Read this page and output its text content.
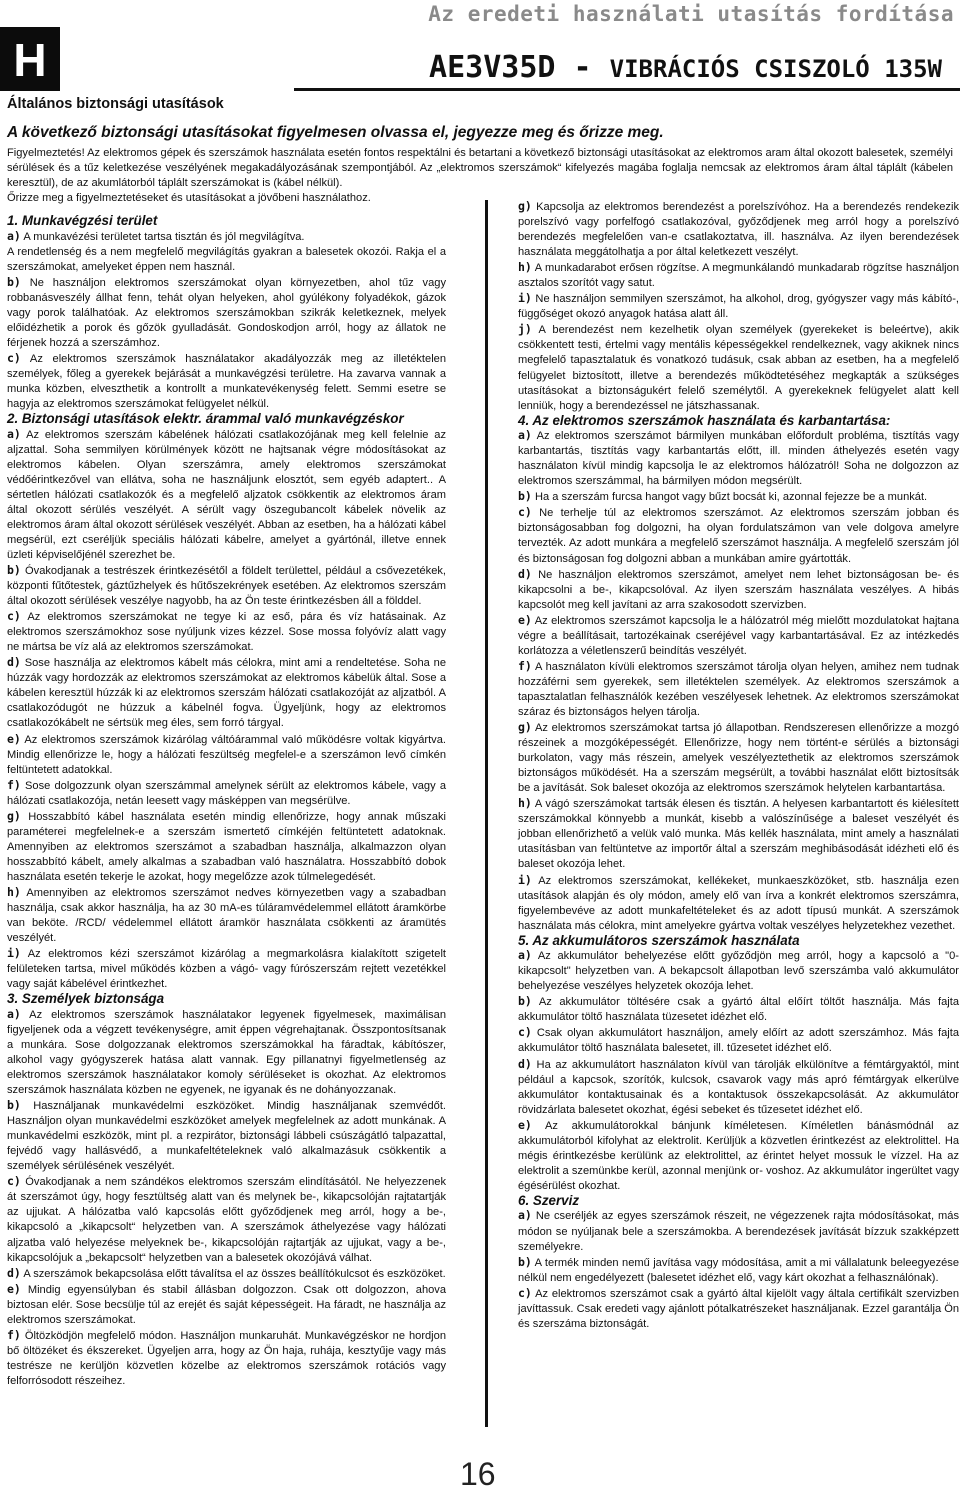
Az eredeti használati utasítás fordítása
H	AE3V35D - VIBRÁCIÓS CSISZOLÓ 135W
Általános biztonsági utasítások
A következő biztonsági utasításokat figyelmesen olvassa el, jegyezze meg és őrizze meg.
Figyelmeztetés! Az elektromos gépek és szerszámok használata esetén fontos respektálni és betartani a következő biztonsági utasításokat az elektromos aram által okozott balesetek, személyi sérülések és a tűz keletkezése veszélyének megakadályozásának szempontjából. Az „elektromos szerszámok“ kifelyezés magába foglalja nemcsak az elektromos áram által táplált (kábelen keresztül), de az akumlátorból táplált szerszámokat is (kábel nélkül).
Őrizze meg a figyelmeztetéseket és utasításokat a jövőbeni használathoz.

1. Munkavégzési terület

a) A munkavézési területet tartsa tisztán és jól megvilágítva.

A rendetlenség és a nem megfelelő megvilágítás gyakran a balesetek okozói. Rakja el a szerszámokat, amelyeket éppen nem használ.

b) Ne használjon elektromos szerszámokat olyan környezetben, ahol tűz vagy robbanásveszély állhat fenn, tehát olyan helyeken, ahol gyúlékony folyadékok, gázok vagy porok találhatóak. Az elektromos szerszámokban szikrák keletkeznek, melyek előidézhetik a porok és gőzök gyulladását. Gondoskodjon arról, hogy az állatok ne férjenek hozzá a szerszámhoz.

c) Az elektromos szerszámok használatakor akadályozzák meg az illetéktelen személyek, főleg a gyerekek bejárását a munkavégzési területre. Ha zavarva vannak a munka közben, elveszthetik a kontrollt a munkatevékenység felett. Semmi esetre se hagyja az elektromos szerszámokat felügyelet nélkül.

2. Biztonsági utasítások elektr. árammal való munkavégzéskor

a) Az elektromos szerszám kábelének hálózati csatlakozójának meg kell felelnie az aljzattal. Soha semmilyen körülmények között ne hajtsanak végre módosításokat az elektromos kábelen. Olyan szerszámra, amely elektromos szerszámokat védőérintkezővel van ellátva, soha ne használjunk elosztót, sem egyéb adaptert.. A sértetlen hálózati csatlakozók és a megfelelő aljzatok csökkentik az elektromos áram által okozott sérülés veszélyét. A sérült vagy öszegubancolt kábelek növelik az elektromos áram által okozott sérülések veszélyét. Abban az esetben, ha a hálózati kábel megsérül, ezt cseréljük speciális hálózati kábelre, amelyet a gyártónál, illetve ennek üzleti képviselőjénél szerezhet be.

b) Óvakodjanak a testrészek érintkezésétől a földelt területtel, például a csővezetékek, központi fűtőtestek, gáztűzhelyek és hűtőszekrények esetében. Az elektromos szerszám által okozott sérülések veszélye nagyobb, ha az Ön teste érintkezésben áll a földdel.

c) Az elektromos szerszámokat ne tegye ki az eső, pára és víz hatásainak. Az elektromos szerszámokhoz sose nyúljunk vizes kézzel. Sose mossa folyóvíz alatt vagy ne mártsa be víz alá az elektromos szerszámokat.

d) Sose használja az elektromos kábelt más célokra, mint ami a rendeltetése. Soha ne húzzák vagy hordozzák az elektromos szerszámokat az elektromos kábelük által. Sose a kábelen keresztül húzzák ki az elektromos szerszám hálózati csatlakozóját az aljzatból. A csatlakozódugót ne húzzuk a kábelnél fogva. Ügyeljünk, hogy az elektromos csatlakozókábelt ne sértsük meg éles, sem forró tárgyal.

e) Az elektromos szerszámok kizárólag váltóárammal való működésre voltak kigyártva. Mindig ellenőrizze le, hogy a hálózati feszültség megfelel-e a szerszámon levő címkén feltüntetett adatokkal.

f) Sose dolgozzunk olyan szerszámmal amelynek sérült az elektromos kábele, vagy a hálózati csatlakozója, netán leesett vagy másképpen van megsérülve.

g) Hosszabbító kábel használata esetén mindig ellenőrizze, hogy annak műszaki paraméterei megfelelnek-e a szerszám ismertető címkéjén feltüntetett adatoknak. Amennyiben az elektromos szerszámot a szabadban használja, alkalmazzon olyan hosszabbító kábelt, amely alkalmas a szabadban való használatra. Hosszabbító dobok használata esetén tekerje le azokat, hogy megelőzze azok túlmelegedését.

h) Amennyiben az elektromos szerszámot nedves környezetben vagy a szabadban használja, csak akkor használja, ha az 30 mA-es túláramvédelemmel ellátott áramkörbe van beköte. /RCD/ védelemmel ellátott áramkör használata csökkenti az áramütés veszélyét.

i) Az elektromos kézi szerszámot kizárólag a megmarkolásra kialakított szigetelt felületeken tartsa, mivel működés közben a vágó- vagy fúrószerszám rejtett vezetékkel vagy saját kábelével érintkezhet.

3. Személyek biztonsága

a) Az elektromos szerszámok használatakor legyenek figyelmesek, maximálisan figyeljenek oda a végzett tevékenységre, amit éppen végrehajtanak. Összpontosítsanak a munkára. Sose dolgozzanak elektromos szerszámokkal ha fáradtak, kábítószer, alkohol vagy gyógyszerek hatása alatt vannak. Egy pillanatnyi figyelmetlenség az elektromos szerszámok használatakor komoly sérüléseket is okozhat. Az elektromos szerszámok használata közben ne egyenek, ne igyanak és ne dohányozzanak.

b) Használjanak munkavédelmi eszközöket. Mindig használjanak szemvédőt. Használjon olyan munkavédelmi eszközöket amelyek megfelelnek az adott munkának. A munkavédelmi eszközök, mint pl. a rezpirátor, biztonsági lábbeli csúszágátló talpazattal, fejvédő vagy hallásvédő, a munkafeltételeknek való alkalmazásuk csökkentik a személyek sérülésének veszélyét.

c) Óvakodjanak a nem szándékos elektromos szerszám elindításától. Ne helyezzenek át szerszámot úgy, hogy fesztültség alatt van és melynek be-, kikapcsolóján rajtatartják az ujjukat. A hálózatba való kapcsolás előtt győződjenek meg arról, hogy a be-, kikapcsoló a „kikapcsolt“ helyzetben van. A szerszámok áthelyezése vagy hálózati aljzatba való helyezése melyeknek be-, kikapcsolóján rajtartják az ujjukat, vagy a be-, kikapcsolójuk a „bekapcsolt“ helyzetben van a balesetek okozójává válhat.

d) A szerszámok bekapcsolása előtt távalítsa el az összes beállítókulcsot és eszközöket.

e) Mindig egyensúlyban és stabil állásban dolgozzon. Csak ott dolgozzon, ahova biztosan elér. Sose becsülje túl az erejét és saját képességeit. Ha fáradt, ne használja az elektromos szerszámokat.

f) Öltözködjön megfelelő módon. Használjon munkaruhát. Munkavégzéskor ne hordjon bő öltözéket és ékszereket. Ügyeljen arra, hogy az Ön haja, ruhája, kesztyűje vagy más testrésze ne kerüljön közvetlen közelbe az elektromos szerszámok rotációs vagy felforrósodott részeihez.

g) Kapcsolja az elektromos berendezést a porelszívóhoz. Ha a berendezés rendekezik porelszívó vagy porfelfogó csatlakozóval, győződjenek meg arról hogy a porelszívó berendezés megfelelően van-e csatlakoztatva, ill. használva. Az ilyen berendezések használata meggátolhatja a por által keletkezett veszélyt.

h) A munkadarabot erősen rögzítse. A megmunkálandó munkadarab rögzítse használjon asztalos szorítót vagy satut.

i) Ne használjon semmilyen szerszámot, ha alkohol, drog, gyógyszer vagy más kábító-, függőséget okozó anyagok hatása alatt áll.

j) A berendezést nem kezelhetik olyan személyek (gyerekeket is beleértve), akik csökkentett testi, értelmi vagy mentális képességekkel rendelkeznek, vagy akiknek nincs megfelelő tapasztalatuk és vonatkozó tudásuk, csak abban az esetben, ha a megfelelő felügyelet biztosított, illetve a berendezés működtetéséhez megkapták a szükséges utasításokat a biztonságukért felelő személytől. A gyerekeknek felügyelet alatt kell lenniük, hogy a berendezéssel ne játszhassanak.

4. Az elektromos szerszámok használata és karbantartása:

a) Az elektromos szerszámot bármilyen munkában előfordult probléma, tisztítás vagy karbantartás, tisztítás vagy karbantartás előtt, ill. minden áthelyezés esetén vagy használaton kívül mindig kapcsolja le az elektromos hálózatról! Soha ne dolgozzon az elektromos szerszámmal, ha bármilyen módon megsérült.

b) Ha a szerszám furcsa hangot vagy bűzt bocsát ki, azonnal fejezze be a munkát.

c) Ne terhelje túl az elektromos szerszámot. Az elektromos szerszám jobban és biztonságosabban fog dolgozni, ha olyan fordulatszámon van vele dolgova amelyre tervezték. Az adott munkára a megfelelő szerszámot használja. A megfelelő szerszám jól és biztonságosan fog dolgozni abban a munkában amire gyártották.

d) Ne használjon elektromos szerszámot, amelyet nem lehet biztonságosan be- és kikapcsolni a be-, kikapcsolóval. Az ilyen szerszám használata veszélyes. A hibás kapcsolót meg kell javítani az arra szakosodott szervizben.

e) Az elektromos szerszámot kapcsolja le a hálózatról még mielőtt mozdulatokat hajtana végre a beállításait, tartozékainak cseréjével vagy karbantartásával. Ez az intézkedés korlátozza a véletlenszerű beindítás veszélyét.

f) A használaton kívüli elektromos szerszámot tárolja olyan helyen, amihez nem tudnak hozzáférni sem gyerekek, sem illetéktelen személyek. Az elektromos szerszámok a tapasztalatlan felhasználók kezében veszélyesek lehetnek. Az elektromos szerszámokat száraz és biztonságos helyen tárolja.

g) Az elektromos szerszámokat tartsa jó állapotban. Rendszeresen ellenőrizze a mozgó részeinek a mozgóképességét. Ellenőrizze, hogy nem történt-e sérülés a biztonsági burkolaton, vagy más részein, amelyek veszélyeztethetik az elektromos szerszámok biztonságos működését. Ha a szerszám megsérült, a további használat előtt biztosítsák be a javítását. Sok baleset okozója az elektromos szerszámok helytelen karbantartása.

h) A vágó szerszámokat tartsák élesen és tisztán. A helyesen karbantartott és kiélesített szerszámokkal könnyebb a munkát, kisebb a valószínűsége a baleset veszélyét és jobban ellenőrizhető a velük való munka. Más kellék használata, mint amely a használati utasításban van feltüntetve az importőr által a szerszám meghibásodását idézheti elő és baleset okozója lehet.

i) Az elektromos szerszámokat, kellékeket, munkaeszközöket, stb. használja ezen utasítások alapján és oly módon, amely elő van írva a konkrét elektromos szerszámra, figyelembevéve az adott munkafeltételeket és az adott típusú munkát. A szerszámok használata más célokra, mint amelyekre gyártva voltak veszélyes helyzetekhez vezethet.

5. Az akkumulátoros szerszámok használata

a) Az akkumulátor behelyezése előtt győződjön meg arról, hogy a kapcsoló a "0-kikapcsolt" helyzetben van. A bekapcsolt állapotban levő szerszámba való akkumulátor behelyezése veszélyes helyzetek okozója lehet.

b) Az akkumulátor töltésére csak a gyártó által előírt töltőt használja. Más fajta akkumulátor töltő használata tüzesetet idézhet elő.

c) Csak olyan akkumulátort használjon, amely előírt az adott szerszámhoz. Más fajta akkumulátor töltő használata balesetet, ill. tűzesetet idézhet elő.

d) Ha az akkumulátort használaton kívül van tárolják elkülönítve a fémtárgyaktól, mint például a kapcsok, szorítók, kulcsok, csavarok vagy más apró fémtárgyak elkerülve akkumulátor kontaktusainak és a kontaktusok összekapcsolását. Az akkumulátor rövidzárlata balesetet okozhat, égési sebeket és tűzesetet idézhet elő.

e) Az akkumulátorokkal bánjunk kíméletesen. Kíméletlen bánásmódnál az akkumulátorból kifolyhat az elektrolit. Kerüljük a közvetlen érintkezést az elektrolittel. Ha mégis érintkezésbe kerülünk az elektrolittel, az érintet helyet mossuk le vízzel. Ha az elektrolit a szemünkbe kerül, azonnal menjünk or- voshoz. Az akkumulátor ingerültet vagy égésérülést okozhat.

6. Szerviz

a) Ne cseréljék az egyes szerszámok részeit, ne végezzenek rajta módosításokat, más módon se nyúljanak bele a szerszámokba. A berendezések javítását bízzuk szakképzett személyekre.

b) A termék minden nemű javítása vagy módosítása, amit a mi vállalatunk beleegyezése nélkül nem engedélyezett (balesetet idézhet elő, vagy kárt okozhat a felhasználónak).

c) Az elektromos szerszámot csak a gyártó által kijelölt vagy általa certifikált szervizben javíttassuk. Csak eredeti vagy ajánlott pótalkatrészeket használjanak. Ezzel garantálja Ön és szerszáma biztonságát.

16
